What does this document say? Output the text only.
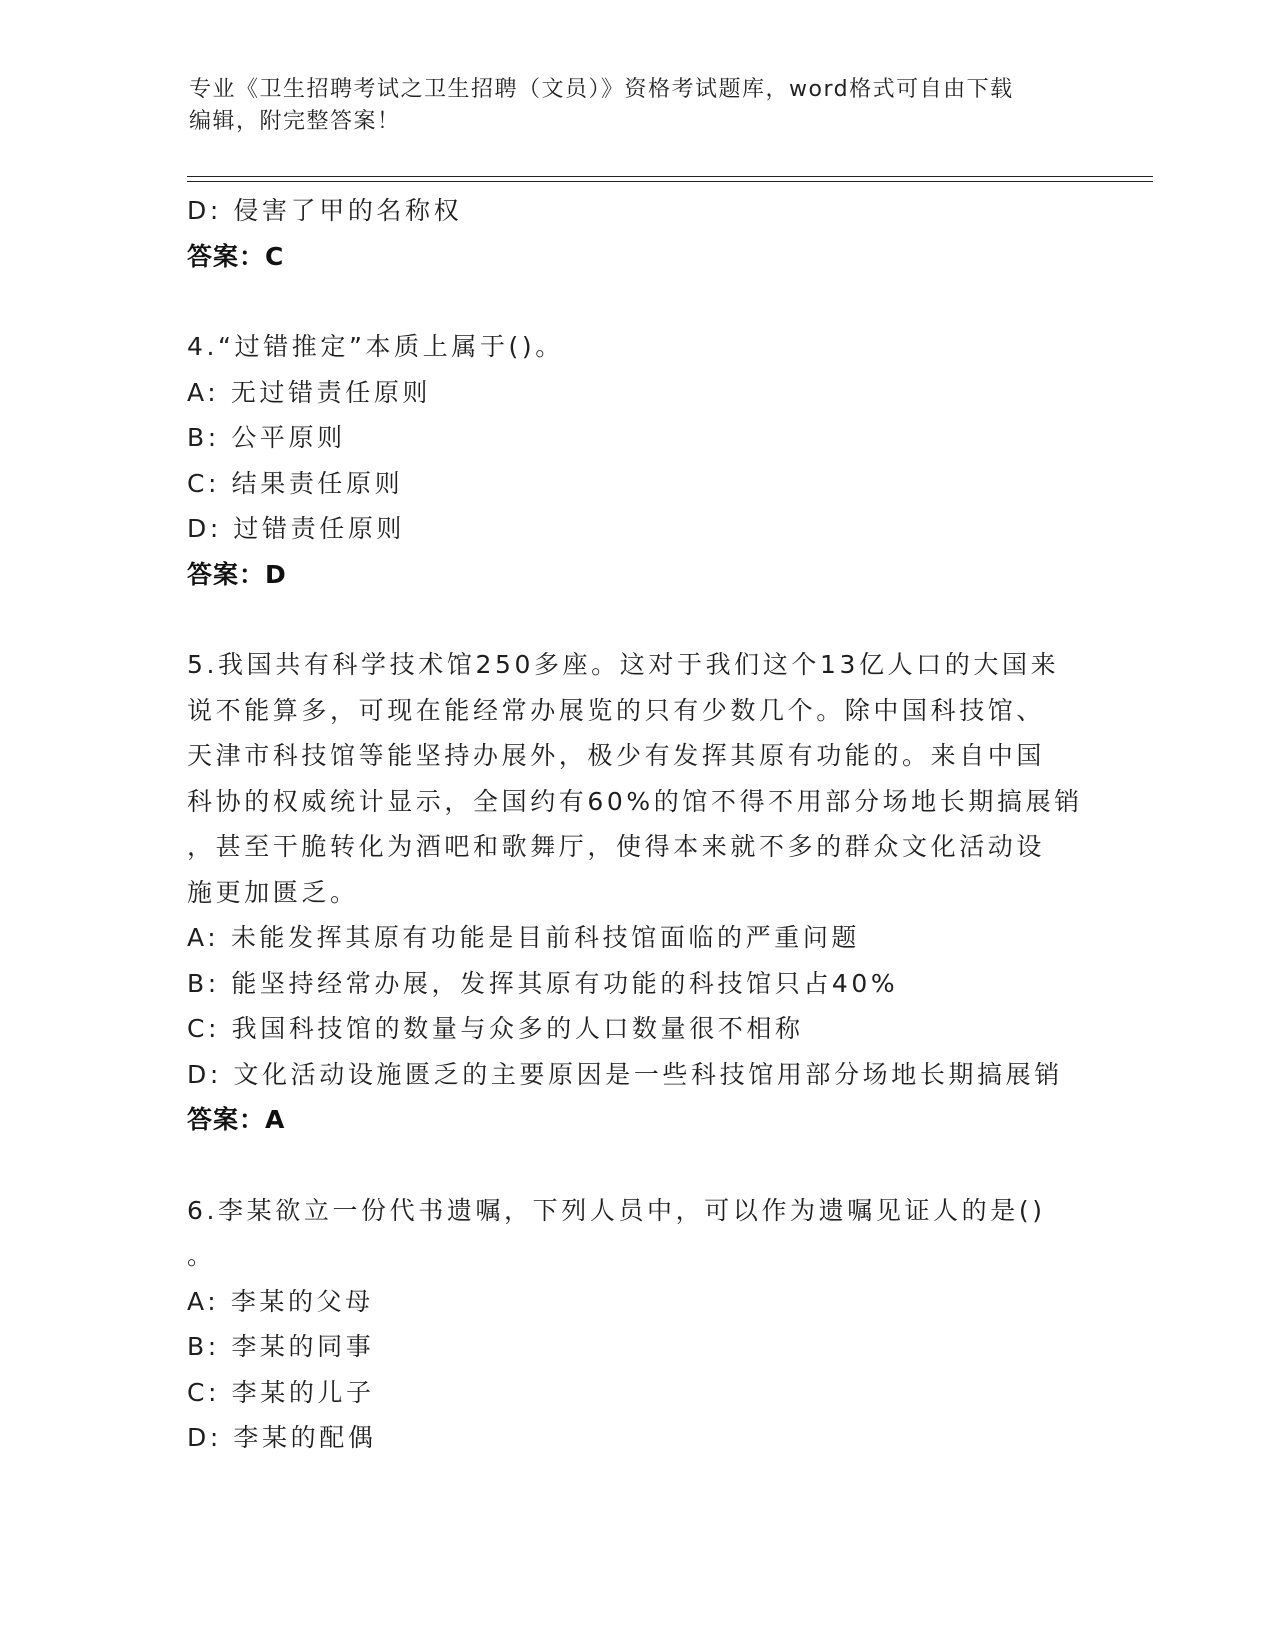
专业《卫生招聘考试之卫生招聘（文员）》资格考试题库，word格式可自由下载
编辑，附完整答案！
D: 侵害了甲的名称权
答案：C
4.“过错推定”本质上属于()。
A: 无过错责任原则
B: 公平原则
C: 结果责任原则
D: 过错责任原则
答案：D
5.我国共有科学技术馆250多座。这对于我们这个13亿人口的大国来
说不能算多，可现在能经常办展览的只有少数几个。除中国科技馆、
天津市科技馆等能坚持办展外，极少有发挥其原有功能的。来自中国
科协的权威统计显示，全国约有60%的馆不得不用部分场地长期搞展销
，甚至干脆转化为酒吧和歌舞厅，使得本来就不多的群众文化活动设
施更加匮乏。
A: 未能发挥其原有功能是目前科技馆面临的严重问题
B: 能坚持经常办展，发挥其原有功能的科技馆只占40%
C: 我国科技馆的数量与众多的人口数量很不相称
D: 文化活动设施匮乏的主要原因是一些科技馆用部分场地长期搞展销
答案：A
6.李某欲立一份代书遗嘱，下列人员中，可以作为遗嘱见证人的是()
。
A: 李某的父母
B: 李某的同事
C: 李某的儿子
D: 李某的配偶
